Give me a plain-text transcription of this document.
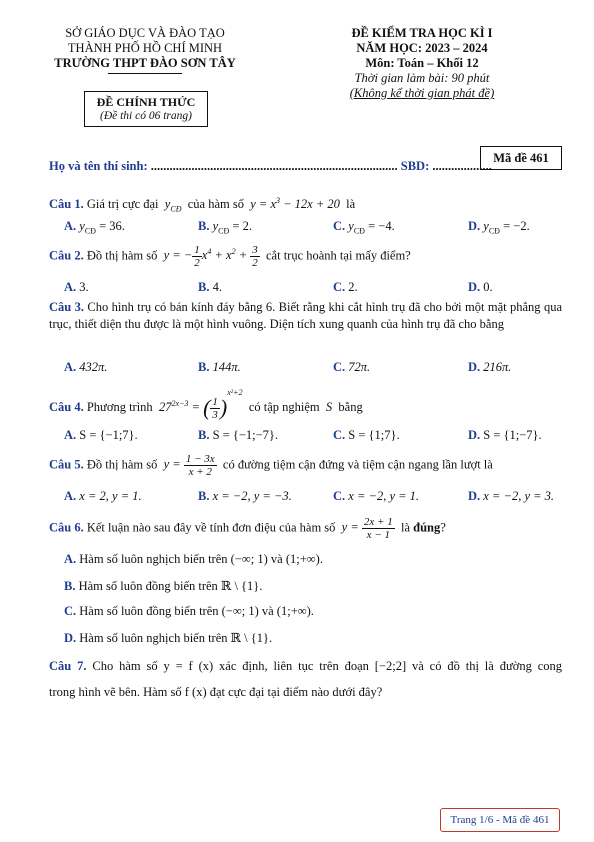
SỞ GIÁO DỤC VÀ ĐÀO TẠO
THÀNH PHỐ HỒ CHÍ MINH
TRƯỜNG THPT ĐÀO SƠN TÂY
ĐỀ CHÍNH THỨC
(Đề thi có 06 trang)
ĐỀ KIỂM TRA HỌC KÌ I
NĂM HỌC: 2023 – 2024
Môn: Toán – Khối 12
Thời gian làm bài: 90 phút
(Không kể thời gian phát đề)
Mã đề 461
Họ và tên thí sinh: ............................................................................... SBD: ...................
Câu 1. Giá trị cực đại  $y_{CĐ}$ của hàm số  $y = x^3 - 12x + 20$  là
A. $y_{CĐ} = 36$.	B. $y_{CĐ} = 2$.	C. $y_{CĐ} = -4$.	D. $y_{CĐ} = -2$.
Câu 2. Đồ thị hàm số  y = − $\frac{1}{2} x^4 + x^2 + \frac{3}{2}$ cắt trục hoành tại mấy điểm?
A. 3.	B. 4.	C. 2.	D. 0.
Câu 3. Cho hình trụ có bán kính đáy bằng 6. Biết rằng khi cắt hình trụ đã cho bởi một mặt phẳng qua trục, thiết diện thu được là một hình vuông. Diện tích xung quanh của hình trụ đã cho bằng
A. 432π.	B. 144π.	C. 72π.	D. 216π.
Câu 4. Phương trình  $27^{2x-3}$ = ( $\frac{1}{3} )^{x^2+2}$  có tập nghiệm  S  bằng
A. S = {−1;7}.	B. S = {−1;−7}.	C. S = {1;7}.	D. S = {1;−7}.
Câu 5. Đồ thị hàm số  $y = \frac{1 - 3x}{x + 2}$ có đường tiệm cận đứng và tiệm cận ngang lần lượt là
A. x = 2, y = 1.	B. x = −2, y = −3.	C. x = −2, y = 1.	D. x = −2, y = 3.
Câu 6. Kết luận nào sau đây về tính đơn điệu của hàm số  $y = \frac{2x + 1}{x - 1}$ là đúng?
A. Hàm số luôn nghịch biến trên (−∞; 1) và (1;+∞).
B. Hàm số luôn đồng biến trên ℝ \ {1}.
C. Hàm số luôn đồng biến trên (−∞; 1) và (1;+∞).
D. Hàm số luôn nghịch biến trên ℝ \ {1}.
Câu 7. Cho hàm số y = f (x) xác định, liên tục trên đoạn [−2;2] và có đồ thị là đường cong
trong hình vẽ bên. Hàm số f (x) đạt cực đại tại điểm nào dưới đây?
Trang 1/6 - Mã đề 461
